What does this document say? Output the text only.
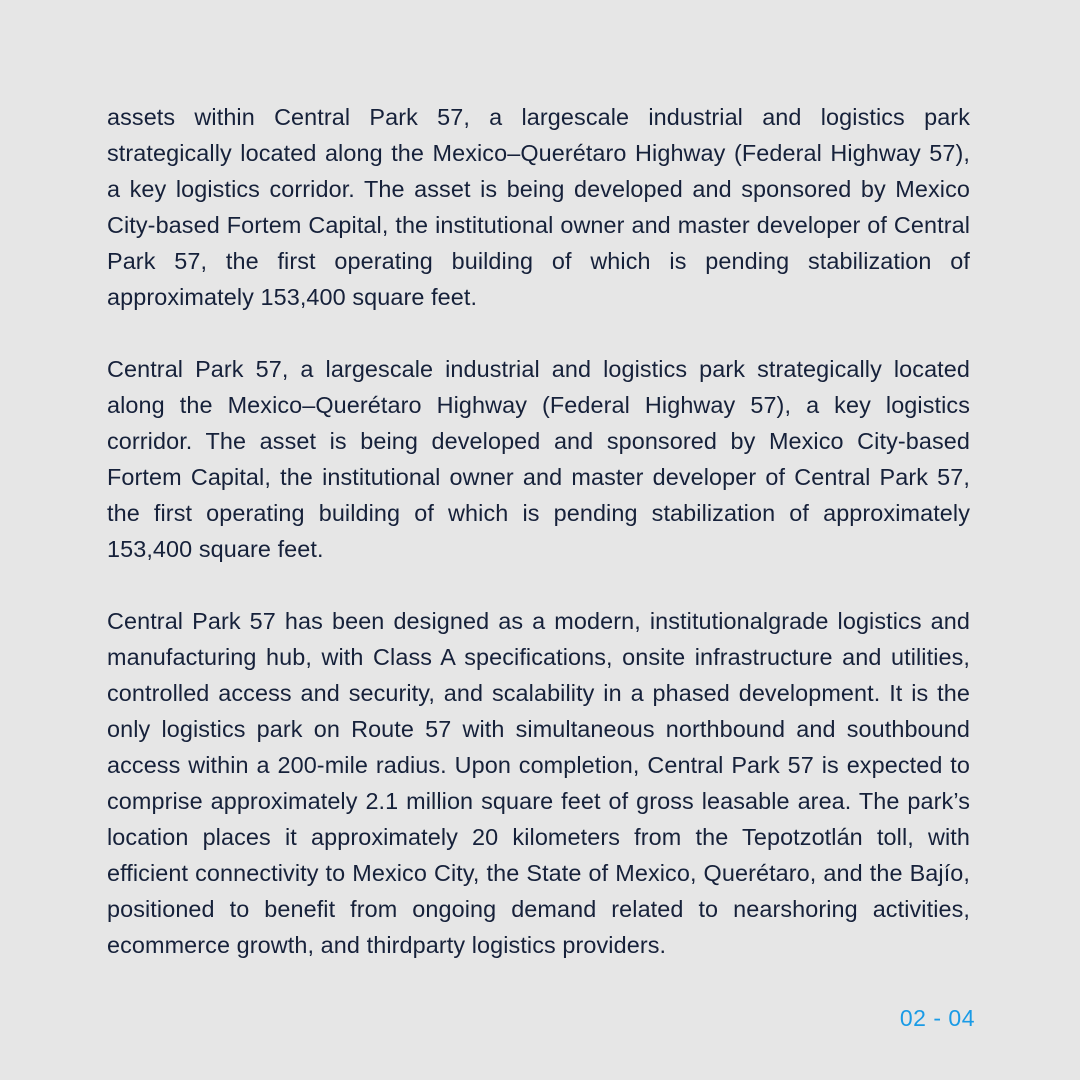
assets within Central Park 57, a largescale industrial and logistics park strategically located along the Mexico–Querétaro Highway (Federal Highway 57), a key logistics corridor. The asset is being developed and sponsored by Mexico City-based Fortem Capital, the institutional owner and master developer of Central Park 57, the first operating building of which is pending stabilization of approximately 153,400 square feet.

Central Park 57, a largescale industrial and logistics park strategically located along the Mexico–Querétaro Highway (Federal Highway 57), a key logistics corridor. The asset is being developed and sponsored by Mexico City-based Fortem Capital, the institutional owner and master developer of Central Park 57, the first operating building of which is pending stabilization of approximately 153,400 square feet.

Central Park 57 has been designed as a modern, institutionalgrade logistics and manufacturing hub, with Class A specifications, onsite infrastructure and utilities, controlled access and security, and scalability in a phased development. It is the only logistics park on Route 57 with simultaneous northbound and southbound access within a 200-mile radius. Upon completion, Central Park 57 is expected to comprise approximately 2.1 million square feet of gross leasable area. The park’s location places it approximately 20 kilometers from the Tepotzotlán toll, with efficient connectivity to Mexico City, the State of Mexico, Querétaro, and the Bajío, positioned to benefit from ongoing demand related to nearshoring activities, ecommerce growth, and thirdparty logistics providers.

02 - 04
